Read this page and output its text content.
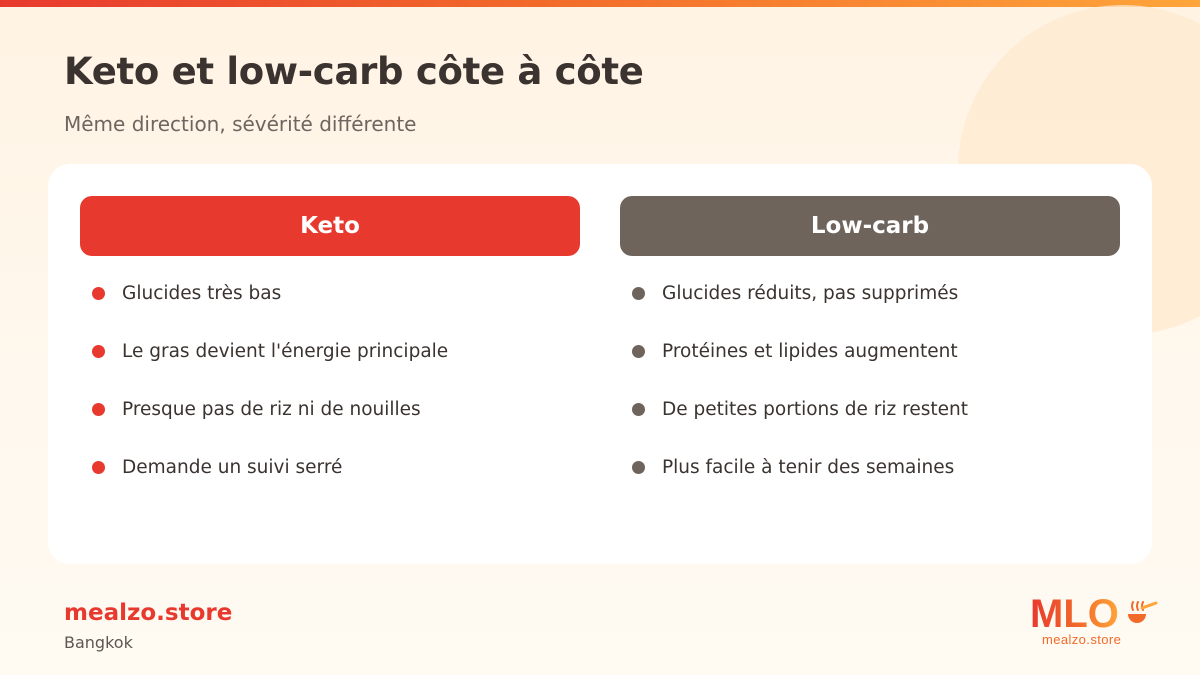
Keto et low-carb côte à côte
Même direction, sévérité différente
Keto
Glucides très bas
Le gras devient l'énergie principale
Presque pas de riz ni de nouilles
Demande un suivi serré
Low-carb
Glucides réduits, pas supprimés
Protéines et lipides augmentent
De petites portions de riz restent
Plus facile à tenir des semaines
mealzo.store
Bangkok
MLO
mealzo.store
